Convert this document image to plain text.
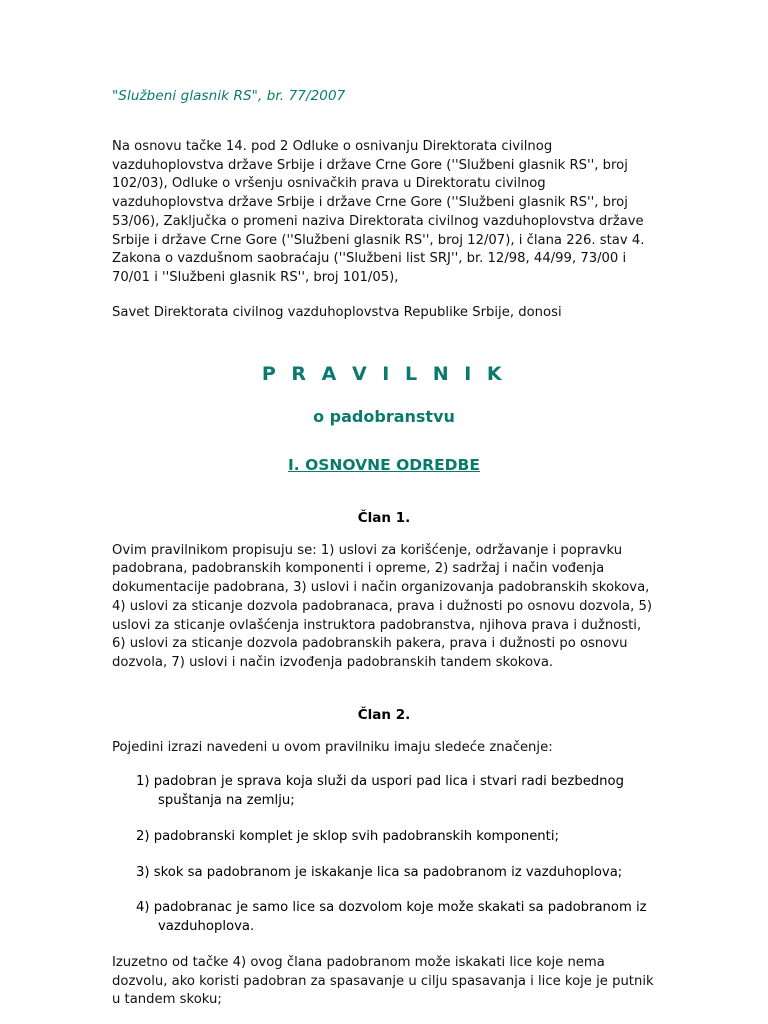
"Službeni glasnik RS", br. 77/2007

Na osnovu tačke 14. pod 2 Odluke o osnivanju Direktorata civilnog vazduhoplovstva države Srbije i države Crne Gore (''Službeni glasnik RS'', broj 102/03), Odluke o vršenju osnivačkih prava u Direktoratu civilnog vazduhoplovstva države Srbije i države Crne Gore (''Službeni glasnik RS'', broj 53/06), Zaključka o promeni naziva Direktorata civilnog vazduhoplovstva države Srbije i države Crne Gore (''Službeni glasnik RS'', broj 12/07), i člana 226. stav 4. Zakona o vazdušnom saobraćaju (''Službeni list SRJ'', br. 12/98, 44/99, 73/00 i 70/01 i ''Službeni glasnik RS'', broj 101/05),

Savet Direktorata civilnog vazduhoplovstva Republike Srbije, donosi

P R A V I L N I K
o padobranstvu
I. OSNOVNE ODREDBE
Član 1.

Ovim pravilnikom propisuju se: 1) uslovi za korišćenje, održavanje i popravku padobrana, padobranskih komponenti i opreme, 2) sadržaj i način vođenja dokumentacije padobrana, 3) uslovi i način organizovanja padobranskih skokova, 4) uslovi za sticanje dozvola padobranaca, prava i dužnosti po osnovu dozvola, 5) uslovi za sticanje ovlašćenja instruktora padobranstva, njihova prava i dužnosti, 6) uslovi za sticanje dozvola padobranskih pakera, prava i dužnosti po osnovu dozvola, 7) uslovi i način izvođenja padobranskih tandem skokova.

Član 2.

Pojedini izrazi navedeni u ovom pravilniku imaju sledeće značenje:

1) padobran je sprava koja služi da uspori pad lica i stvari radi bezbednog spuštanja na zemlju;
2) padobranski komplet je sklop svih padobranskih komponenti;
3) skok sa padobranom je iskakanje lica sa padobranom iz vazduhoplova;
4) padobranac je samo lice sa dozvolom koje može skakati sa padobranom iz vazduhoplova.

Izuzetno od tačke 4) ovog člana padobranom može iskakati lice koje nema dozvolu, ako koristi padobran za spasavanje u cilju spasavanja i lice koje je putnik u tandem skoku;
